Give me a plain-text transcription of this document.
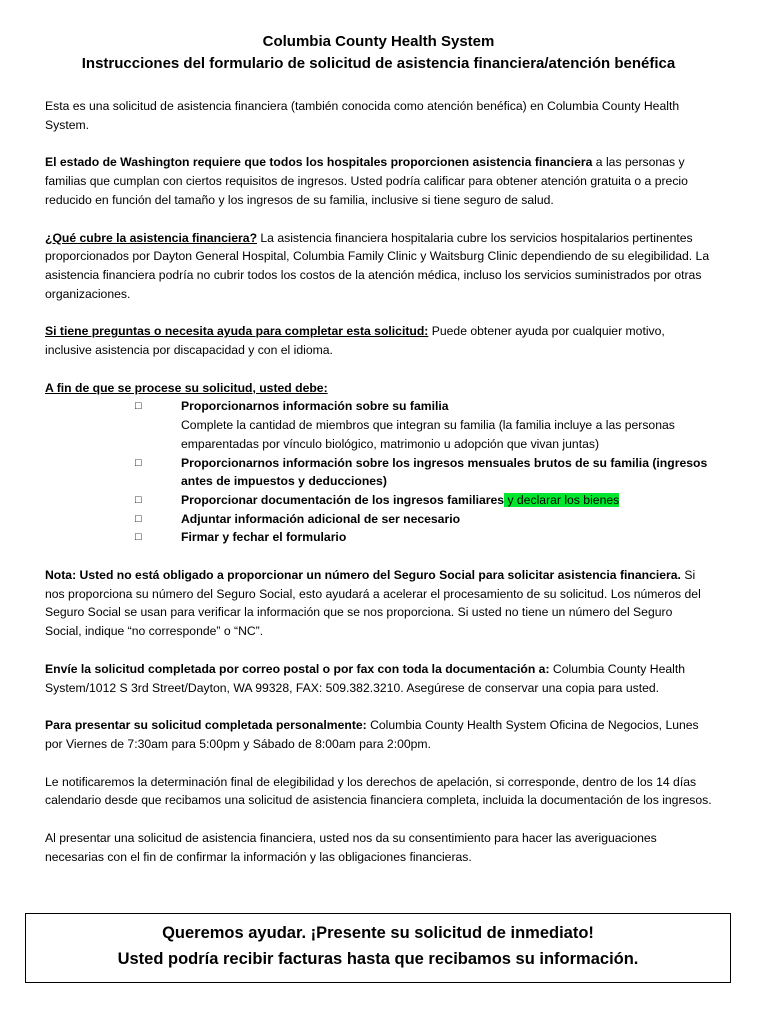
Columbia County Health System

Instrucciones del formulario de solicitud de asistencia financiera/atención benéfica

Esta es una solicitud de asistencia financiera (también conocida como atención benéfica) en Columbia County Health System.

El estado de Washington requiere que todos los hospitales proporcionen asistencia financiera a las personas y familias que cumplan con ciertos requisitos de ingresos. Usted podría calificar para obtener atención gratuita o a precio reducido en función del tamaño y los ingresos de su familia, inclusive si tiene seguro de salud.

¿Qué cubre la asistencia financiera? La asistencia financiera hospitalaria cubre los servicios hospitalarios pertinentes proporcionados por Dayton General Hospital, Columbia Family Clinic y Waitsburg Clinic dependiendo de su elegibilidad. La asistencia financiera podría no cubrir todos los costos de la atención médica, incluso los servicios suministrados por otras organizaciones.

Si tiene preguntas o necesita ayuda para completar esta solicitud: Puede obtener ayuda por cualquier motivo, inclusive asistencia por discapacidad y con el idioma.

A fin de que se procese su solicitud, usted debe:

□	Proporcionarnos información sobre su familia
Complete la cantidad de miembros que integran su familia (la familia incluye a las personas emparentadas por vínculo biológico, matrimonio u adopción que vivan juntas)
□	Proporcionarnos información sobre los ingresos mensuales brutos de su familia (ingresos antes de impuestos y deducciones)
□	Proporcionar documentación de los ingresos familiares y declarar los bienes
□	Adjuntar información adicional de ser necesario
□	Firmar y fechar el formulario

Nota: Usted no está obligado a proporcionar un número del Seguro Social para solicitar asistencia financiera. Si nos proporciona su número del Seguro Social, esto ayudará a acelerar el procesamiento de su solicitud. Los números del Seguro Social se usan para verificar la información que se nos proporciona. Si usted no tiene un número del Seguro Social, indique “no corresponde” o “NC”.

Envíe la solicitud completada por correo postal o por fax con toda la documentación a: Columbia County Health System/1012 S 3rd Street/Dayton, WA 99328, FAX: 509.382.3210. Asegúrese de conservar una copia para usted.

Para presentar su solicitud completada personalmente: Columbia County Health System Oficina de Negocios, Lunes por Viernes de 7:30am para 5:00pm y Sábado de 8:00am para 2:00pm.

Le notificaremos la determinación final de elegibilidad y los derechos de apelación, si corresponde, dentro de los 14 días calendario desde que recibamos una solicitud de asistencia financiera completa, incluida la documentación de los ingresos.

Al presentar una solicitud de asistencia financiera, usted nos da su consentimiento para hacer las averiguaciones necesarias con el fin de confirmar la información y las obligaciones financieras.

Queremos ayudar. ¡Presente su solicitud de inmediato!
Usted podría recibir facturas hasta que recibamos su información.
